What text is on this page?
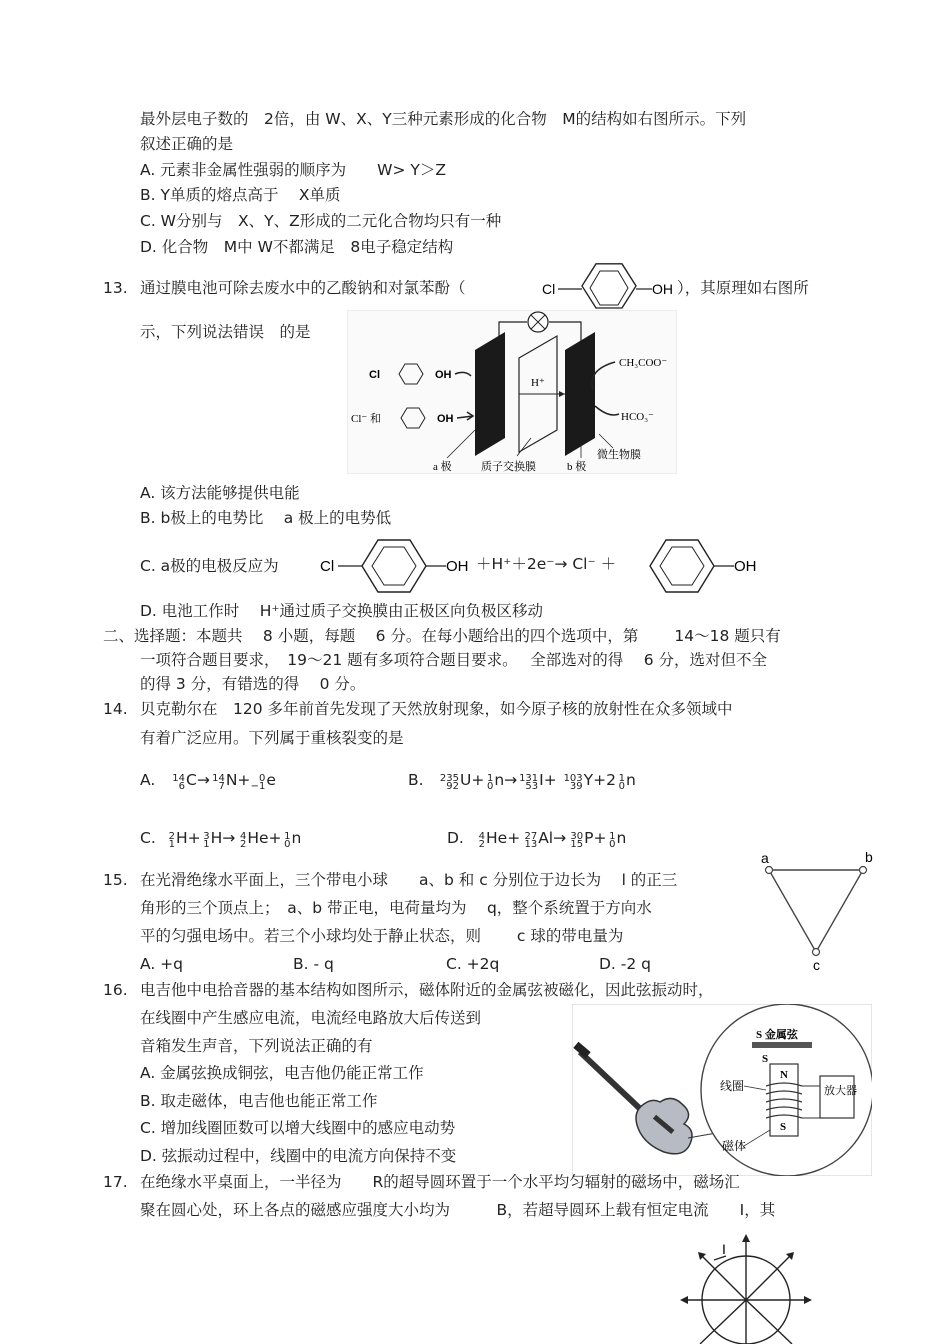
最外层电子数的　2倍，由 W、X、Y三种元素形成的化合物　M的结构如右图所示。下列
叙述正确的是
A. 元素非金属性强弱的顺序为　　W> Y＞Z
B. Y单质的熔点高于　 X单质
C. W分别与　X、Y、Z形成的二元化合物均只有一种
D. 化合物　M中 W不都满足　8电子稳定结构
13. 通过膜电池可除去废水中的乙酸钠和对氯苯酚（	Cl	OH ），其原理如右图所
示，下列说法错误　的是
H⁺
Cl	OH
Cl⁻ 和	OH
CH₃COO⁻
HCO₃⁻
a 极	质子交换膜	b 极
微生物膜
A. 该方法能够提供电能
B. b极上的电势比　 a 极上的电势低
C. a极的电极反应为	Cl	OH ＋H⁺＋2e⁻→ Cl⁻ ＋	OH
D. 电池工作时　 H⁺通过质子交换膜由正极区向负极区移动
二、选择题：本题共　 8 小题，每题　 6 分。在每小题给出的四个选项中，第　　 14～18 题只有
一项符合题目要求，　19～21 题有多项符合题目要求。　 全部选对的得　 6 分，选对但不全
的得 3 分，有错选的得　 0 分。
14. 贝克勒尔在　120 多年前首先发现了天然放射现象，如今原子核的放射性在众多领域中
有着广泛应用。下列属于重核裂变的是
A. 14
6 C→ 14
7 N+ 0
−1 e	B. 235
92 U+ 1
0 n→ 131
53 I+ 103
39 Y+2 1
0 n
C. 2
1 H+ 3
1 H→ 4
2 He+ 1
0 n	D. 4
2 He+ 27
13 Al→ 30
15 P+ 1
0 n
15. 在光滑绝缘水平面上，三个带电小球　　a、b 和 c 分别位于边长为　 l 的正三
角形的三个顶点上；　a、b 带正电，电荷量均为　 q，整个系统置于方向水
平的匀强电场中。若三个小球均处于静止状态，则　　 c 球的带电量为
A. +q	B. - q	C. +2q	D. -2 q
a	b
c
16. 电吉他中电拾音器的基本结构如图所示，磁体附近的金属弦被磁化，因此弦振动时，
在线圈中产生感应电流，电流经电路放大后传送到
音箱发生声音，下列说法正确的有
A. 金属弦换成铜弦，电吉他仍能正常工作
B. 取走磁体，电吉他也能正常工作
C. 增加线圈匝数可以增大线圈中的感应电动势
D. 弦振动过程中，线圈中的电流方向保持不变
S 金属弦
S
N
S
线圈	放大器
磁体
17. 在绝缘水平桌面上，一半径为　　R的超导圆环置于一个水平均匀辐射的磁场中，磁场汇
聚在圆心处，环上各点的磁感应强度大小均为　　　B，若超导圆环上载有恒定电流　　I，其
I
